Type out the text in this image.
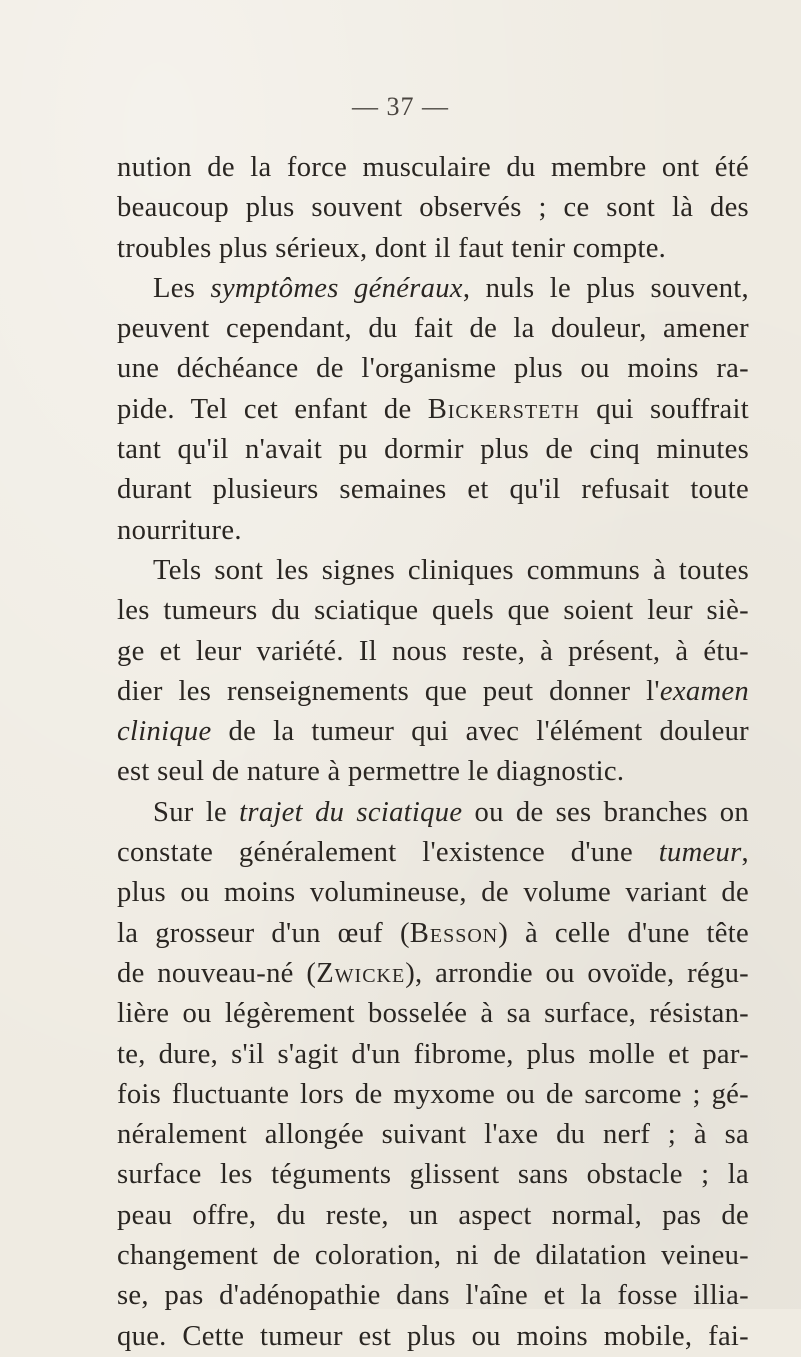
— 37 —
nution de la force musculaire du membre ont été
beaucoup plus souvent observés ; ce sont là des
troubles plus sérieux, dont il faut tenir compte.
Les symptômes généraux, nuls le plus souvent,
peuvent cependant, du fait de la douleur, amener
une déchéance de l'organisme plus ou moins ra-
pide. Tel cet enfant de Bickersteth qui souffrait
tant qu'il n'avait pu dormir plus de cinq minutes
durant plusieurs semaines et qu'il refusait toute
nourriture.
Tels sont les signes cliniques communs à toutes
les tumeurs du sciatique quels que soient leur siè-
ge et leur variété. Il nous reste, à présent, à étu-
dier les renseignements que peut donner l'examen
clinique de la tumeur qui avec l'élément douleur
est seul de nature à permettre le diagnostic.
Sur le trajet du sciatique ou de ses branches on
constate généralement l'existence d'une tumeur,
plus ou moins volumineuse, de volume variant de
la grosseur d'un œuf (Besson) à celle d'une tête
de nouveau-né (Zwicke), arrondie ou ovoïde, régu-
lière ou légèrement bosselée à sa surface, résistan-
te, dure, s'il s'agit d'un fibrome, plus molle et par-
fois fluctuante lors de myxome ou de sarcome ; gé-
néralement allongée suivant l'axe du nerf ; à sa
surface les téguments glissent sans obstacle ; la
peau offre, du reste, un aspect normal, pas de
changement de coloration, ni de dilatation veineu-
se, pas d'adénopathie dans l'aîne et la fosse illia-
que. Cette tumeur est plus ou moins mobile, fai-
